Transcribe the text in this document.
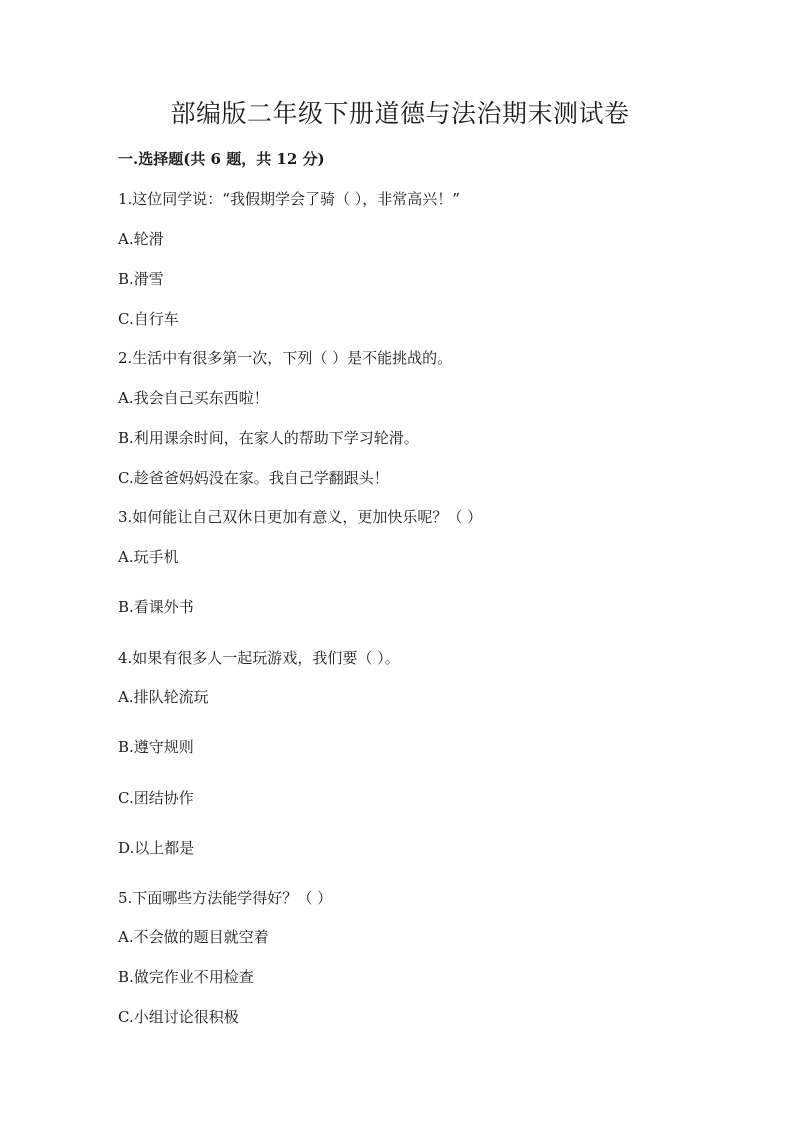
部编版二年级下册道德与法治期末测试卷

一.选择题(共 6 题，共 12 分)

1.这位同学说：“我假期学会了骑（ ），非常高兴！”

A.轮滑

B.滑雪

C.自行车

2.生活中有很多第一次，下列（ ）是不能挑战的。

A.我会自己买东西啦！

B.利用课余时间，在家人的帮助下学习轮滑。

C.趁爸爸妈妈没在家。我自己学翻跟头！

3.如何能让自己双休日更加有意义，更加快乐呢？（ ）

A.玩手机

B.看课外书

4.如果有很多人一起玩游戏，我们要（ ）。

A.排队轮流玩

B.遵守规则

C.团结协作

D.以上都是

5.下面哪些方法能学得好？（ ）

A.不会做的题目就空着

B.做完作业不用检查

C.小组讨论很积极
